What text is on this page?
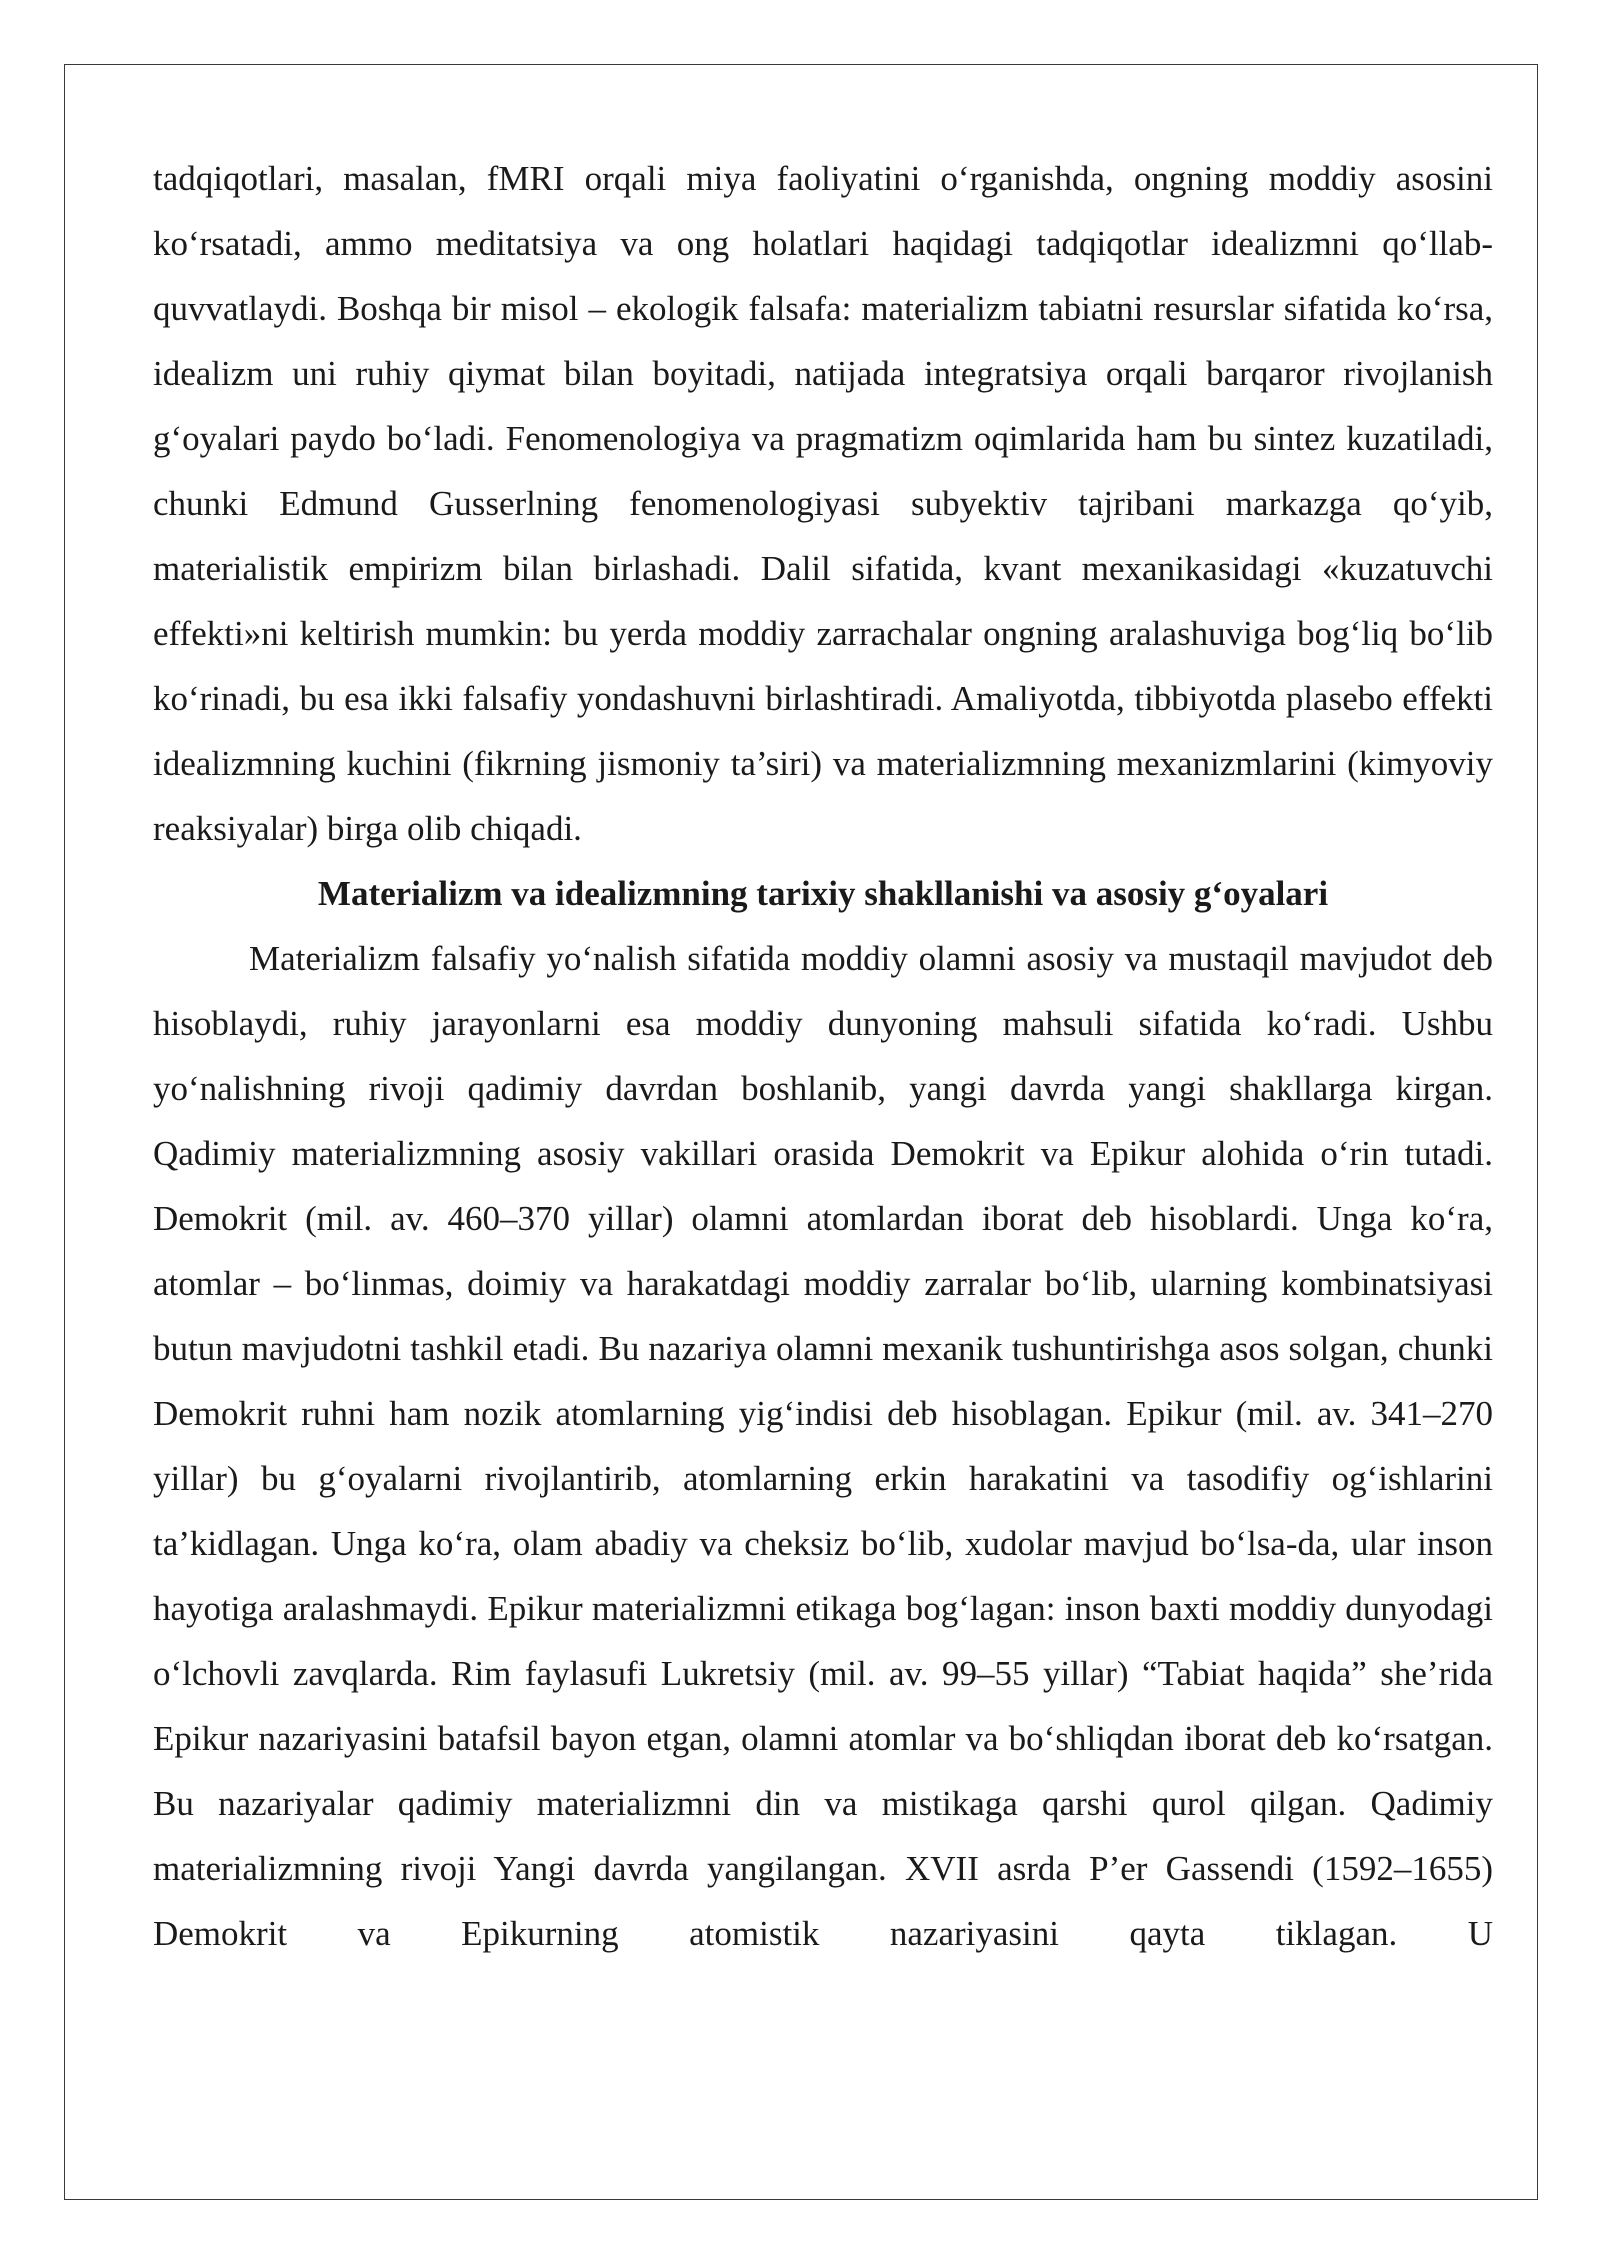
tadqiqotlari, masalan, fMRI orqali miya faoliyatini o‘rganishda, ongning moddiy asosini ko‘rsatadi, ammo meditatsiya va ong holatlari haqidagi tadqiqotlar idealizmni qo‘llab-quvvatlaydi. Boshqa bir misol – ekologik falsafa: materializm tabiatni resurslar sifatida ko‘rsa, idealizm uni ruhiy qiymat bilan boyitadi, natijada integratsiya orqali barqaror rivojlanish g‘oyalari paydo bo‘ladi. Fenomenologiya va pragmatizm oqimlarida ham bu sintez kuzatiladi, chunki Edmund Gusserlning fenomenologiyasi subyektiv tajribani markazga qo‘yib, materialistik empirizm bilan birlashadi. Dalil sifatida, kvant mexanikasidagi «kuzatuvchi effekti»ni keltirish mumkin: bu yerda moddiy zarrachalar ongning aralashuviga bog‘liq bo‘lib ko‘rinadi, bu esa ikki falsafiy yondashuvni birlashtiradi. Amaliyotda, tibbiyotda plasebo effekti idealizmning kuchini (fikrning jismoniy ta’siri) va materializmning mexanizmlarini (kimyoviy reaksiyalar) birga olib chiqadi.

Materializm va idealizmning tarixiy shakllanishi va asosiy g‘oyalari

Materializm falsafiy yo‘nalish sifatida moddiy olamni asosiy va mustaqil mavjudot deb hisoblaydi, ruhiy jarayonlarni esa moddiy dunyoning mahsuli sifatida ko‘radi. Ushbu yo‘nalishning rivoji qadimiy davrdan boshlanib, yangi davrda yangi shakllarga kirgan. Qadimiy materializmning asosiy vakillari orasida Demokrit va Epikur alohida o‘rin tutadi. Demokrit (mil. av. 460–370 yillar) olamni atomlardan iborat deb hisoblardi. Unga ko‘ra, atomlar – bo‘linmas, doimiy va harakatdagi moddiy zarralar bo‘lib, ularning kombinatsiyasi butun mavjudotni tashkil etadi. Bu nazariya olamni mexanik tushuntirishga asos solgan, chunki Demokrit ruhni ham nozik atomlarning yig‘indisi deb hisoblagan. Epikur (mil. av. 341–270 yillar) bu g‘oyalarni rivojlantirib, atomlarning erkin harakatini va tasodifiy og‘ishlarini ta’kidlagan. Unga ko‘ra, olam abadiy va cheksiz bo‘lib, xudolar mavjud bo‘lsa-da, ular inson hayotiga aralashmaydi. Epikur materializmni etikaga bog‘lagan: inson baxti moddiy dunyodagi o‘lchovli zavqlarda. Rim faylasufi Lukretsiy (mil. av. 99–55 yillar) “Tabiat haqida” she’rida Epikur nazariyasini batafsil bayon etgan, olamni atomlar va bo‘shliqdan iborat deb ko‘rsatgan. Bu nazariyalar qadimiy materializmni din va mistikaga qarshi qurol qilgan. Qadimiy materializmning rivoji Yangi davrda yangilangan. XVII asrda P’er Gassendi (1592–1655) Demokrit va Epikurning atomistik nazariyasini qayta tiklagan. U
